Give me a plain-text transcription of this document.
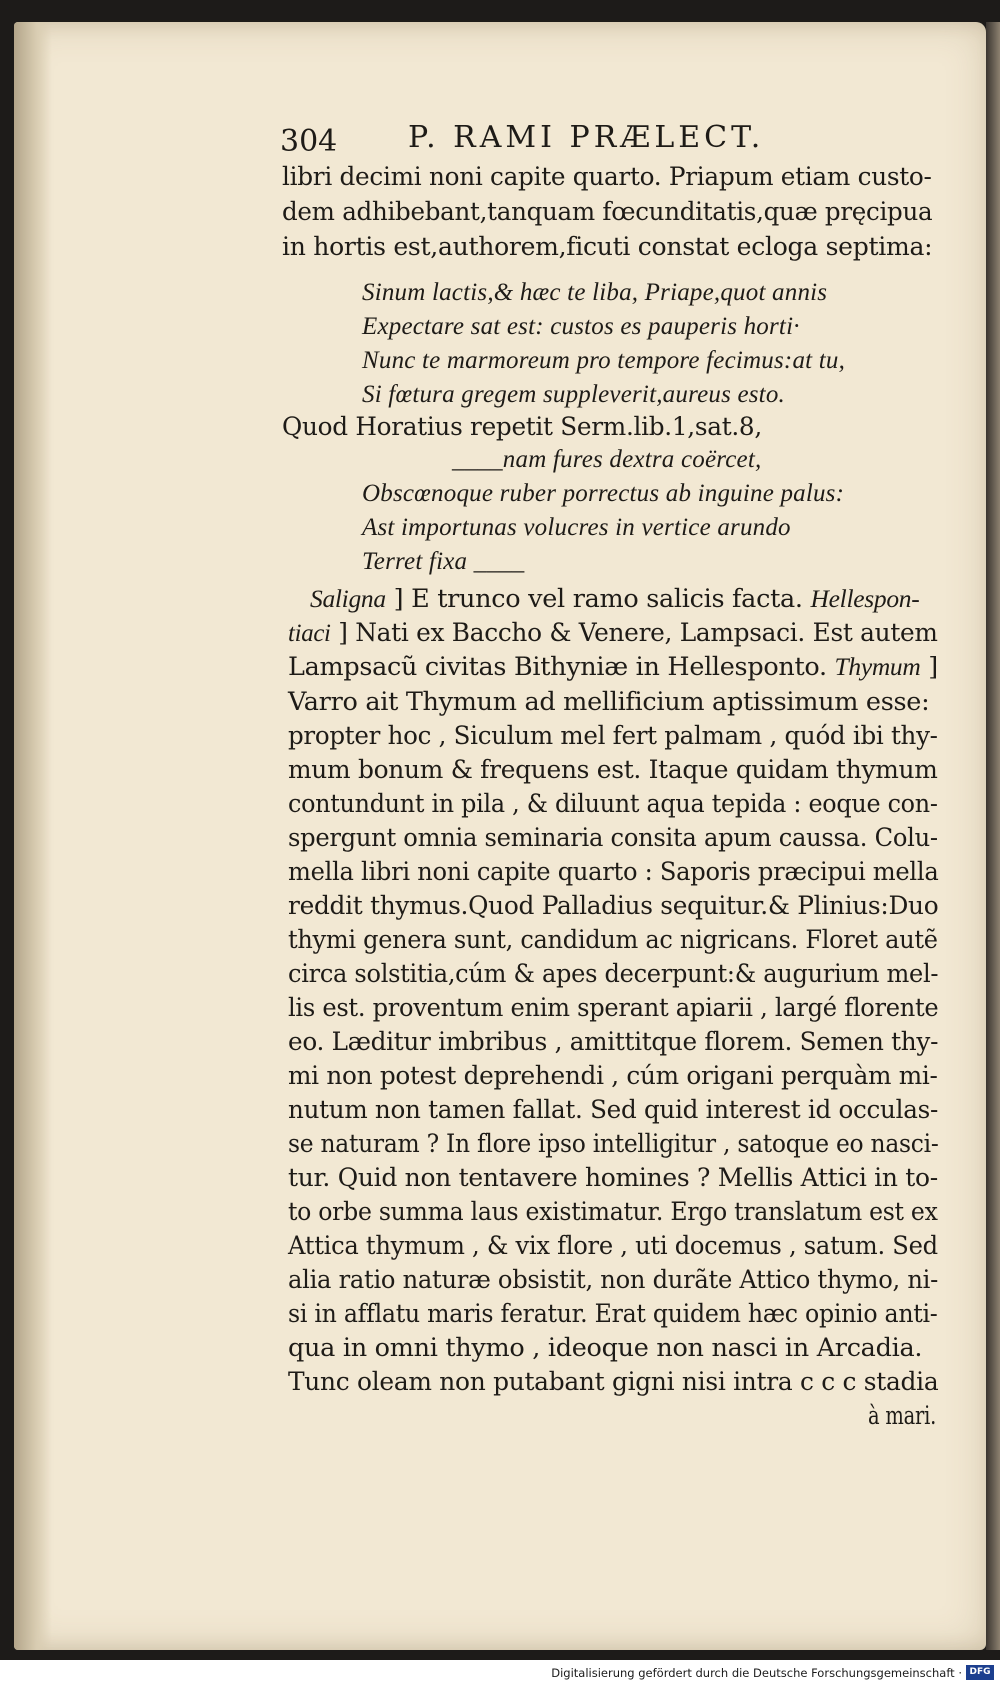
304 P. RAMI PRÆLECT.
libri decimi noni capite quarto. Priapum etiam custo-
dem adhibebant,tanquam fœcunditatis,quæ pręcipua
in hortis est,authorem,ficuti constat ecloga septima:
Sinum lactis,& hæc te liba, Priape,quot annis
Expectare sat est: custos es pauperis horti·
Nunc te marmoreum pro tempore fecimus:at tu,
Si fœtura gregem suppleverit,aureus esto.
Quod Horatius repetit Serm.lib.1,sat.8,
____nam fures dextra coërcet,
Obscœnoque ruber porrectus ab inguine palus:
Ast importunas volucres in vertice arundo
Terret fixa ____
Saligna ] E trunco vel ramo salicis facta. Hellespon-
tiaci ] Nati ex Baccho & Venere, Lampsaci. Est autem
Lampsacũ civitas Bithyniæ in Hellesponto. Thymum ]
Varro ait Thymum ad mellificium aptissimum esse:
propter hoc , Siculum mel fert palmam , quód ibi thy-
mum bonum & frequens est. Itaque quidam thymum
contundunt in pila , & diluunt aqua tepida : eoque con-
spergunt omnia seminaria consita apum caussa. Colu-
mella libri noni capite quarto : Saporis præcipui mella
reddit thymus.Quod Palladius sequitur.& Plinius:Duo
thymi genera sunt, candidum ac nigricans. Floret autẽ
circa solstitia,cúm & apes decerpunt:& augurium mel-
lis est. proventum enim sperant apiarii , largé florente
eo. Læditur imbribus , amittitque florem. Semen thy-
mi non potest deprehendi , cúm origani perquàm mi-
nutum non tamen fallat. Sed quid interest id occulas-
se naturam ? In flore ipso intelligitur , satoque eo nasci-
tur. Quid non tentavere homines ? Mellis Attici in to-
to orbe summa laus existimatur. Ergo translatum est ex
Attica thymum , & vix flore , uti docemus , satum. Sed
alia ratio naturæ obsistit, non durãte Attico thymo, ni-
si in afflatu maris feratur. Erat quidem hæc opinio anti-
qua in omni thymo , ideoque non nasci in Arcadia.
Tunc oleam non putabant gigni nisi intra c c c stadia
à mari.
Digitalisierung gefördert durch die Deutsche Forschungsgemeinschaft · DFG
